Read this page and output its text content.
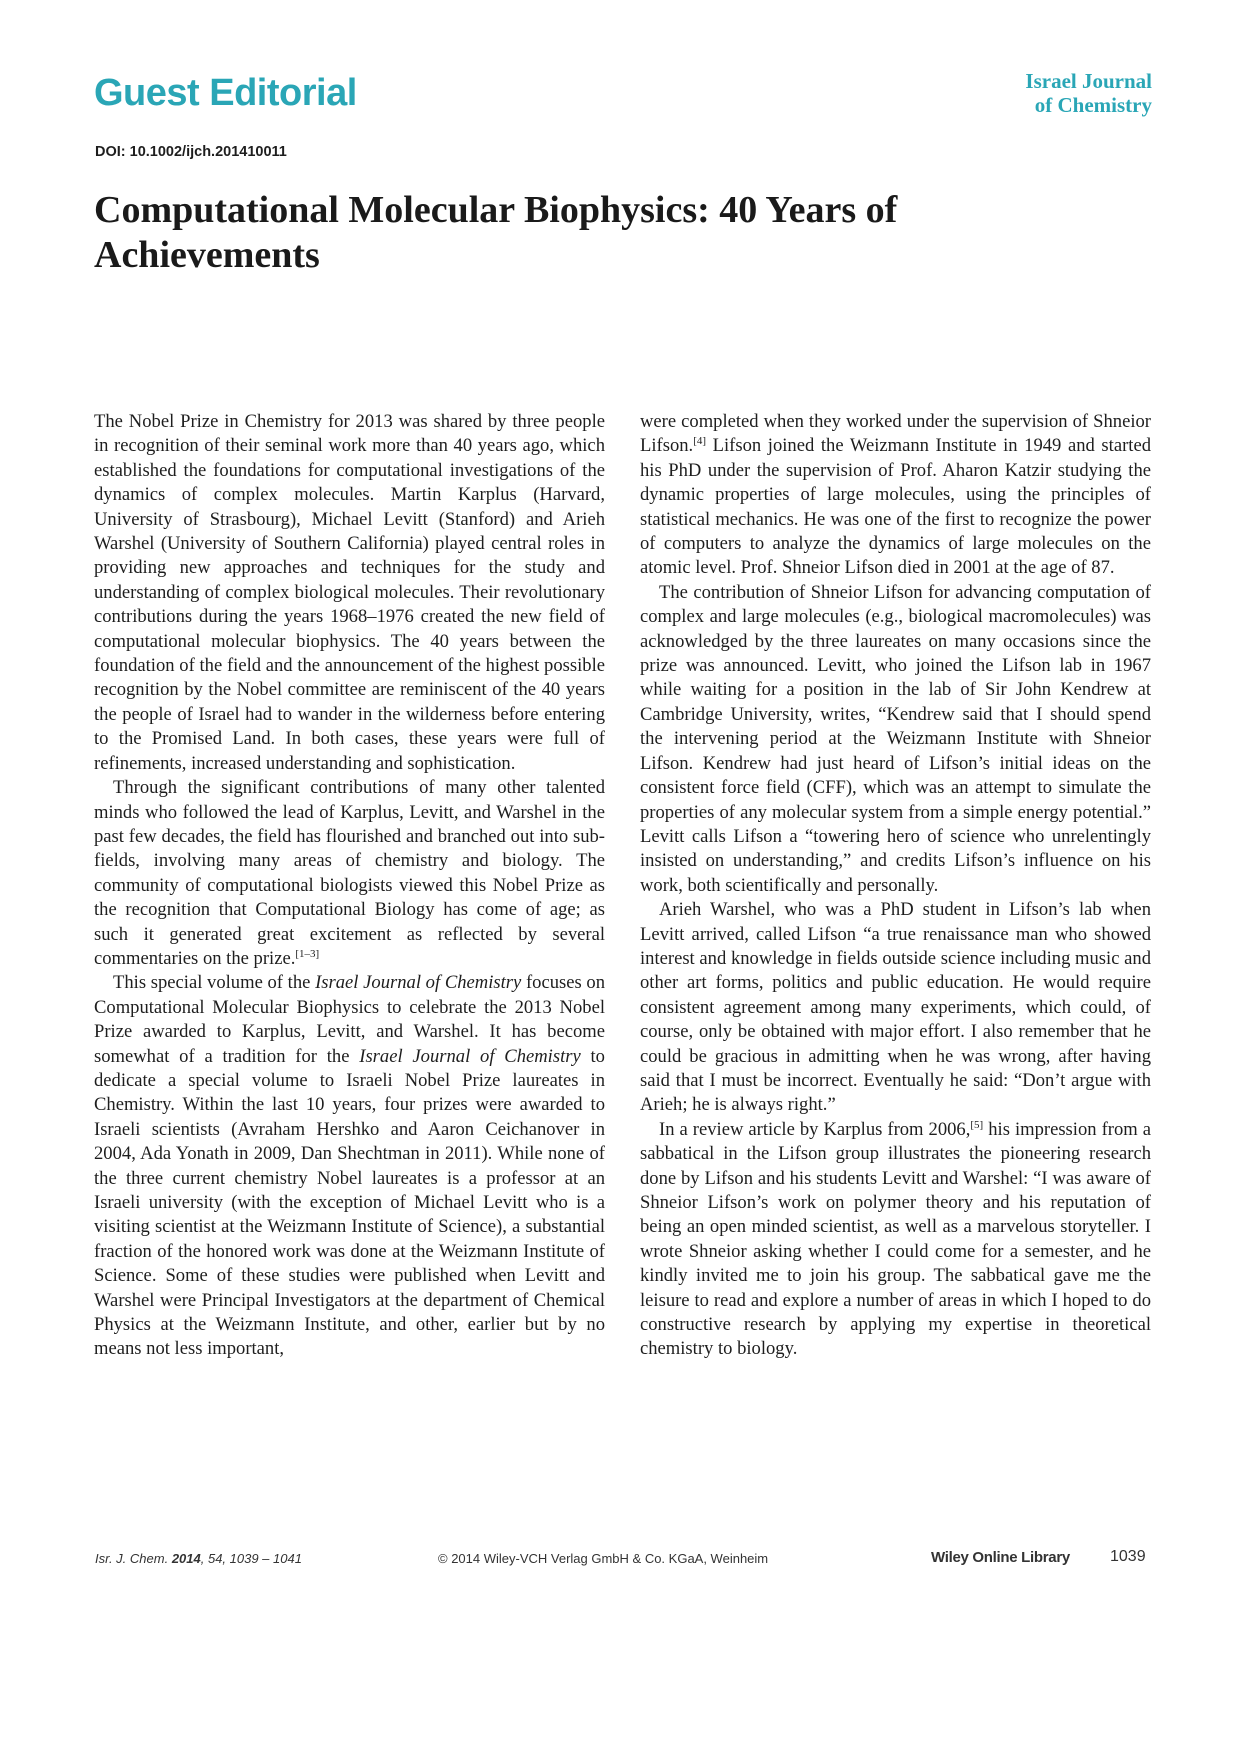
Guest Editorial	Israel Journal
of Chemistry
DOI: 10.1002/ijch.201410011
Computational Molecular Biophysics: 40 Years of Achievements

The Nobel Prize in Chemistry for 2013 was shared by three people in recognition of their seminal work more than 40 years ago, which established the foundations for computational investigations of the dynamics of complex molecules. Martin Karplus (Harvard, University of Strasbourg), Michael Levitt (Stanford) and Arieh Warshel (University of Southern California) played central roles in providing new approaches and techniques for the study and understanding of complex biological molecules. Their revolutionary contributions during the years 1968–1976 created the new field of computational molecular biophysics. The 40 years between the foundation of the field and the announcement of the highest possible recognition by the Nobel committee are reminiscent of the 40 years the people of Israel had to wander in the wilderness before entering to the Promised Land. In both cases, these years were full of refinements, increased understanding and sophistication.

Through the significant contributions of many other talented minds who followed the lead of Karplus, Levitt, and Warshel in the past few decades, the field has flourished and branched out into sub-fields, involving many areas of chemistry and biology. The community of computational biologists viewed this Nobel Prize as the recognition that Computational Biology has come of age; as such it generated great excitement as reflected by several commentaries on the prize.[1–3]

This special volume of the Israel Journal of Chemistry focuses on Computational Molecular Biophysics to celebrate the 2013 Nobel Prize awarded to Karplus, Levitt, and Warshel. It has become somewhat of a tradition for the Israel Journal of Chemistry to dedicate a special volume to Israeli Nobel Prize laureates in Chemistry. Within the last 10 years, four prizes were awarded to Israeli scientists (Avraham Hershko and Aaron Ceichanover in 2004, Ada Yonath in 2009, Dan Shechtman in 2011). While none of the three current chemistry Nobel laureates is a professor at an Israeli university (with the exception of Michael Levitt who is a visiting scientist at the Weizmann Institute of Science), a substantial fraction of the honored work was done at the Weizmann Institute of Science. Some of these studies were published when Levitt and Warshel were Principal Investigators at the department of Chemical Physics at the Weizmann Institute, and other, earlier but by no means not less important,

were completed when they worked under the supervision of Shneior Lifson.[4] Lifson joined the Weizmann Institute in 1949 and started his PhD under the supervision of Prof. Aharon Katzir studying the dynamic properties of large molecules, using the principles of statistical mechanics. He was one of the first to recognize the power of computers to analyze the dynamics of large molecules on the atomic level. Prof. Shneior Lifson died in 2001 at the age of 87.

The contribution of Shneior Lifson for advancing computation of complex and large molecules (e.g., biological macromolecules) was acknowledged by the three laureates on many occasions since the prize was announced. Levitt, who joined the Lifson lab in 1967 while waiting for a position in the lab of Sir John Kendrew at Cambridge University, writes, “Kendrew said that I should spend the intervening period at the Weizmann Institute with Shneior Lifson. Kendrew had just heard of Lifson’s initial ideas on the consistent force field (CFF), which was an attempt to simulate the properties of any molecular system from a simple energy potential.” Levitt calls Lifson a “towering hero of science who unrelentingly insisted on understanding,” and credits Lifson’s influence on his work, both scientifically and personally.

Arieh Warshel, who was a PhD student in Lifson’s lab when Levitt arrived, called Lifson “a true renaissance man who showed interest and knowledge in fields outside science including music and other art forms, politics and public education. He would require consistent agreement among many experiments, which could, of course, only be obtained with major effort. I also remember that he could be gracious in admitting when he was wrong, after having said that I must be incorrect. Eventually he said: “Don’t argue with Arieh; he is always right.”

In a review article by Karplus from 2006,[5] his impression from a sabbatical in the Lifson group illustrates the pioneering research done by Lifson and his students Levitt and Warshel: “I was aware of Shneior Lifson’s work on polymer theory and his reputation of being an open minded scientist, as well as a marvelous storyteller. I wrote Shneior asking whether I could come for a semester, and he kindly invited me to join his group. The sabbatical gave me the leisure to read and explore a number of areas in which I hoped to do constructive research by applying my expertise in theoretical chemistry to biology.

Isr. J. Chem. 2014, 54, 1039 – 1041	© 2014 Wiley-VCH Verlag GmbH & Co. KGaA, Weinheim	Wiley Online Library	1039
